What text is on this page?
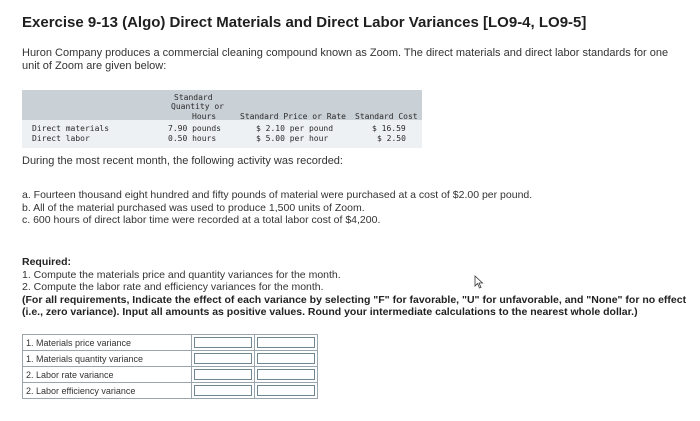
Exercise 9-13 (Algo) Direct Materials and Direct Labor Variances [LO9-4, LO9-5]
Huron Company produces a commercial cleaning compound known as Zoom. The direct materials and direct labor standards for one unit of Zoom are given below:
Standard
Quantity or
Hours	Standard Price or Rate Standard Cost
Direct materials	7.90 pounds	$ 2.10 per pound	$ 16.59
Direct labor	0.50 hours	$ 5.00 per hour	$ 2.50
During the most recent month, the following activity was recorded:
a. Fourteen thousand eight hundred and fifty pounds of material were purchased at a cost of $2.00 per pound.
b. All of the material purchased was used to produce 1,500 units of Zoom.
c. 600 hours of direct labor time were recorded at a total labor cost of $4,200.
Required:
1. Compute the materials price and quantity variances for the month.
2. Compute the labor rate and efficiency variances for the month.
(For all requirements, Indicate the effect of each variance by selecting "F" for favorable, "U" for unfavorable, and "None" for no effect (i.e., zero variance). Input all amounts as positive values. Round your intermediate calculations to the nearest whole dollar.)
1. Materials price variance	

1. Materials quantity variance	

2. Labor rate variance	

2. Labor efficiency variance	
